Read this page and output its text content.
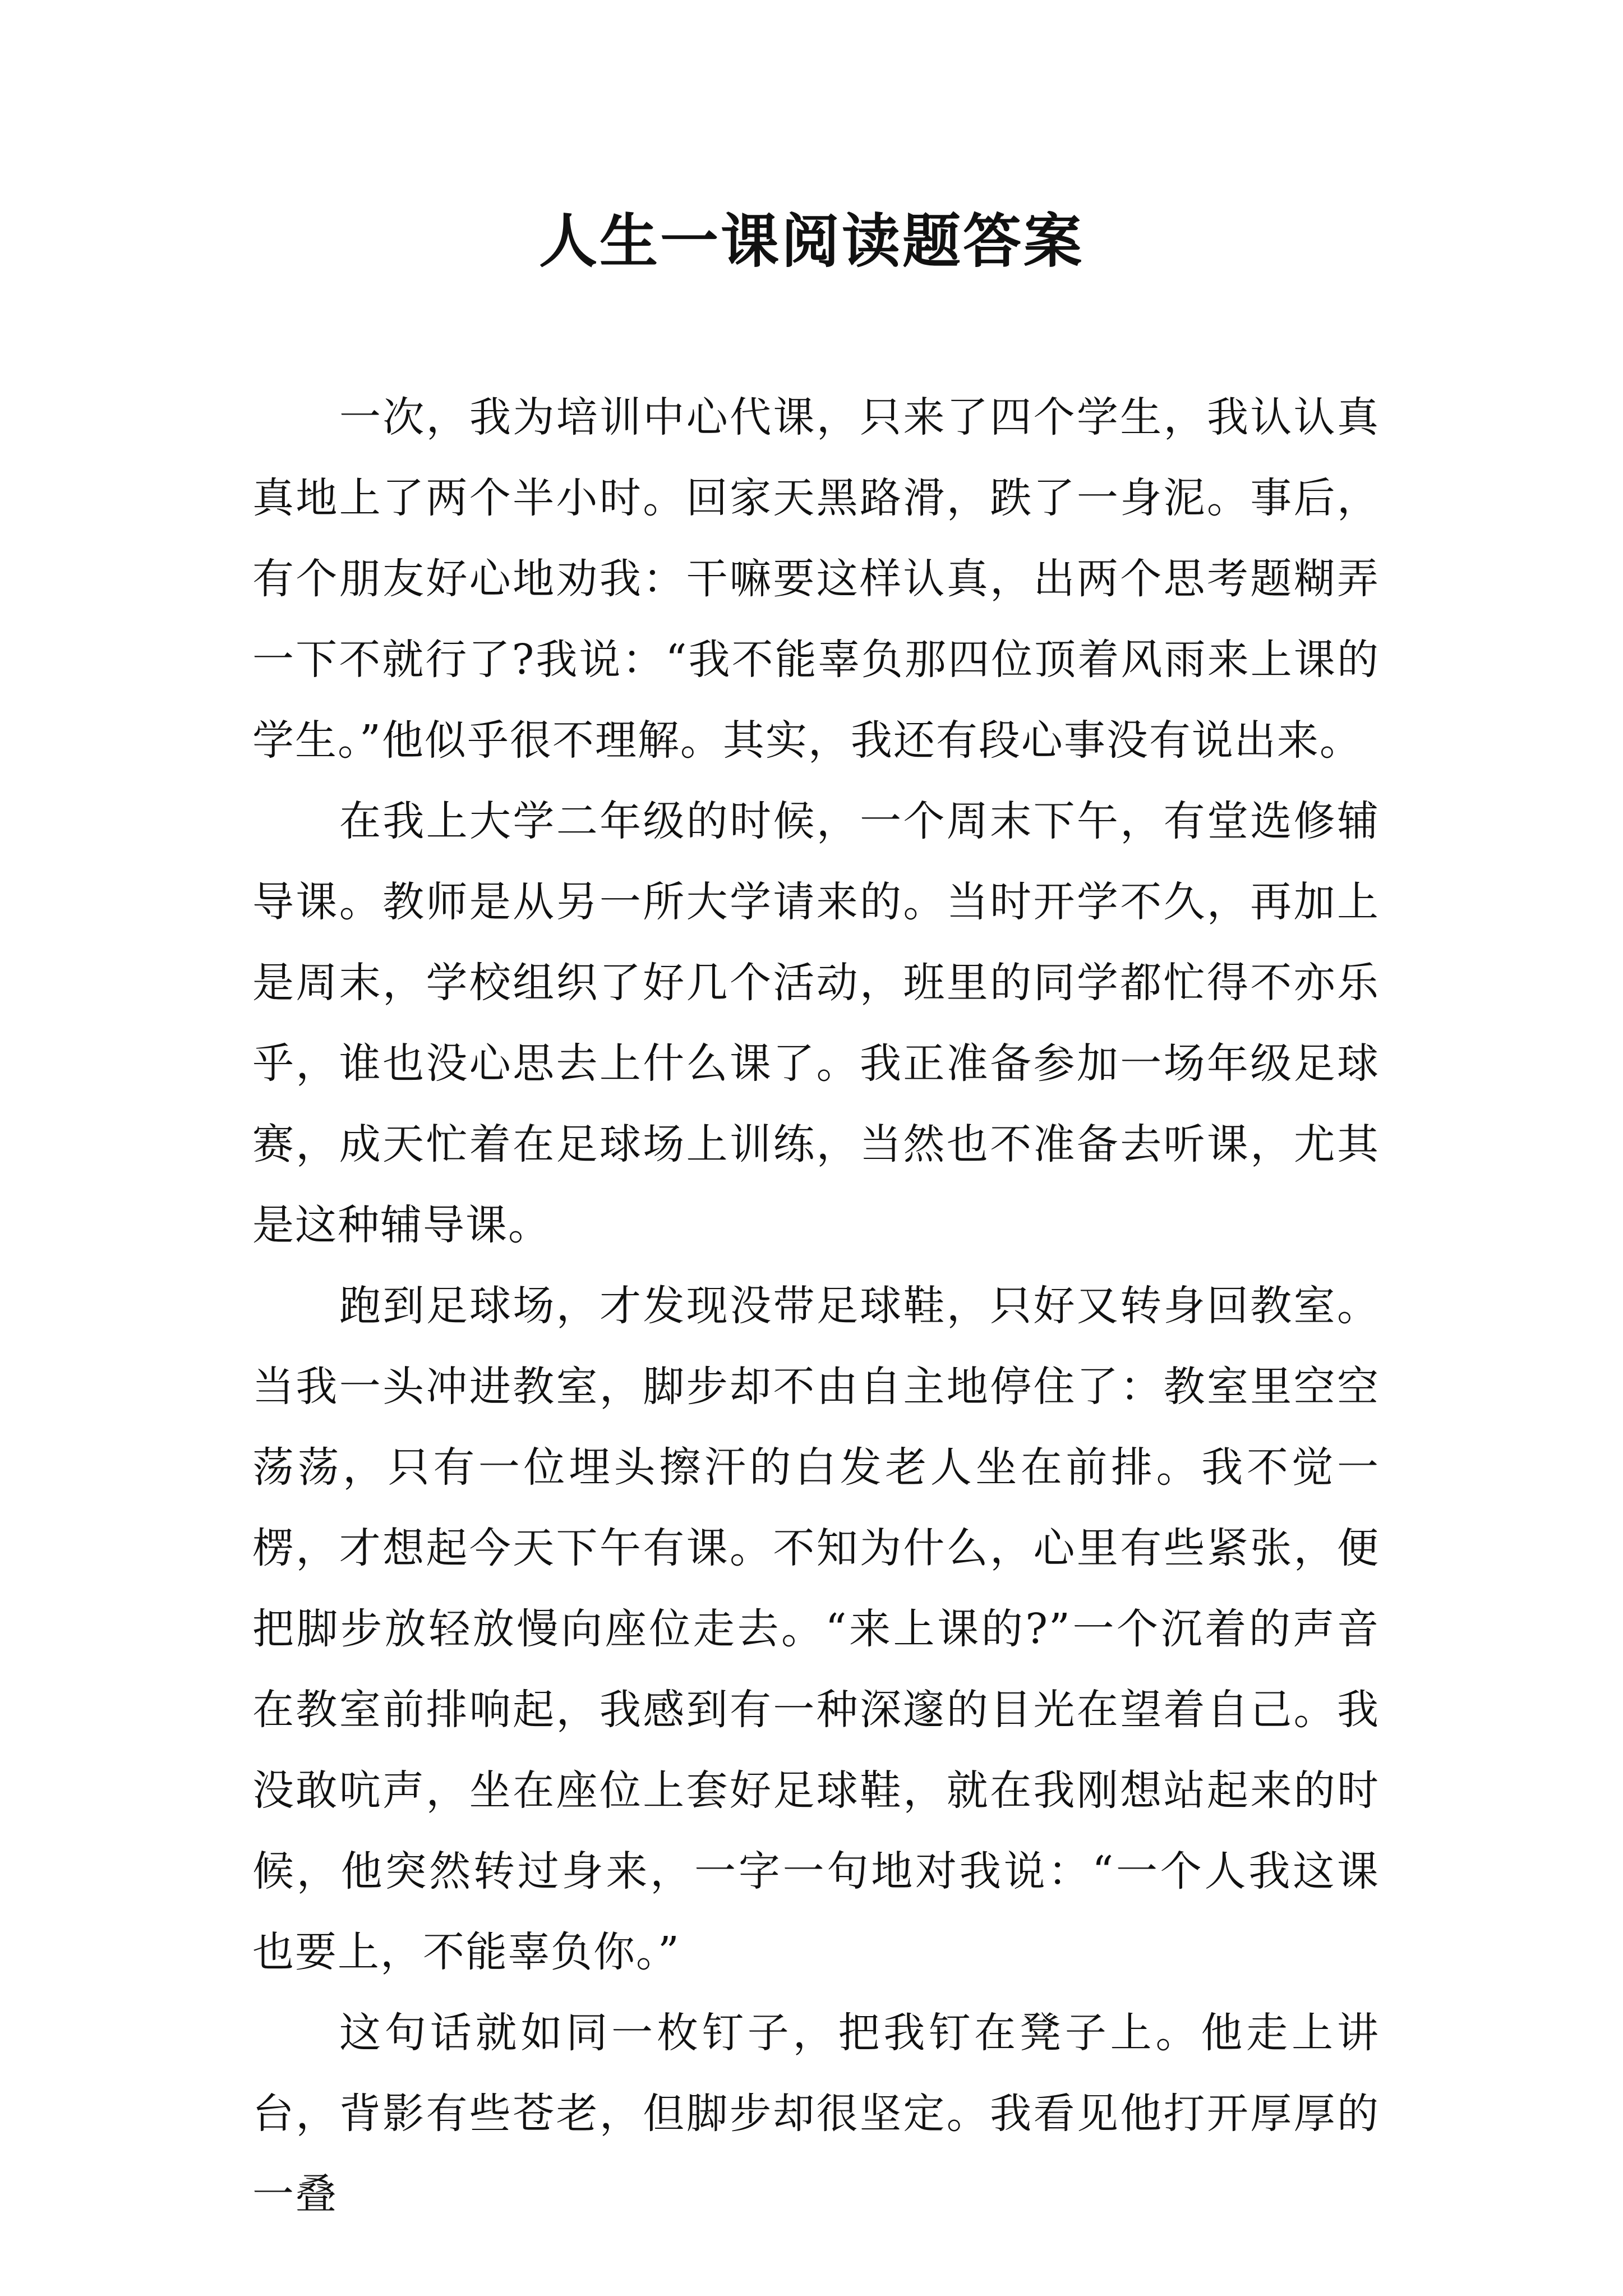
人生一课阅读题答案

一次，我为培训中心代课，只来了四个学生，我认认真真地上了两个半小时。回家天黑路滑，跌了一身泥。事后，有个朋友好心地劝我：干嘛要这样认真，出两个思考题糊弄一下不就行了?我说：“我不能辜负那四位顶着风雨来上课的学生。”他似乎很不理解。其实，我还有段心事没有说出来。

在我上大学二年级的时候，一个周末下午，有堂选修辅导课。教师是从另一所大学请来的。当时开学不久，再加上是周末，学校组织了好几个活动，班里的同学都忙得不亦乐乎，谁也没心思去上什么课了。我正准备参加一场年级足球赛，成天忙着在足球场上训练，当然也不准备去听课，尤其是这种辅导课。

跑到足球场，才发现没带足球鞋，只好又转身回教室。当我一头冲进教室，脚步却不由自主地停住了：教室里空空荡荡，只有一位埋头擦汗的白发老人坐在前排。我不觉一楞，才想起今天下午有课。不知为什么，心里有些紧张，便把脚步放轻放慢向座位走去。“来上课的?”一个沉着的声音在教室前排响起，我感到有一种深邃的目光在望着自己。我没敢吭声，坐在座位上套好足球鞋，就在我刚想站起来的时候，他突然转过身来，一字一句地对我说：“一个人我这课也要上，不能辜负你。”

这句话就如同一枚钉子，把我钉在凳子上。他走上讲台，背影有些苍老，但脚步却很坚定。我看见他打开厚厚的一叠
